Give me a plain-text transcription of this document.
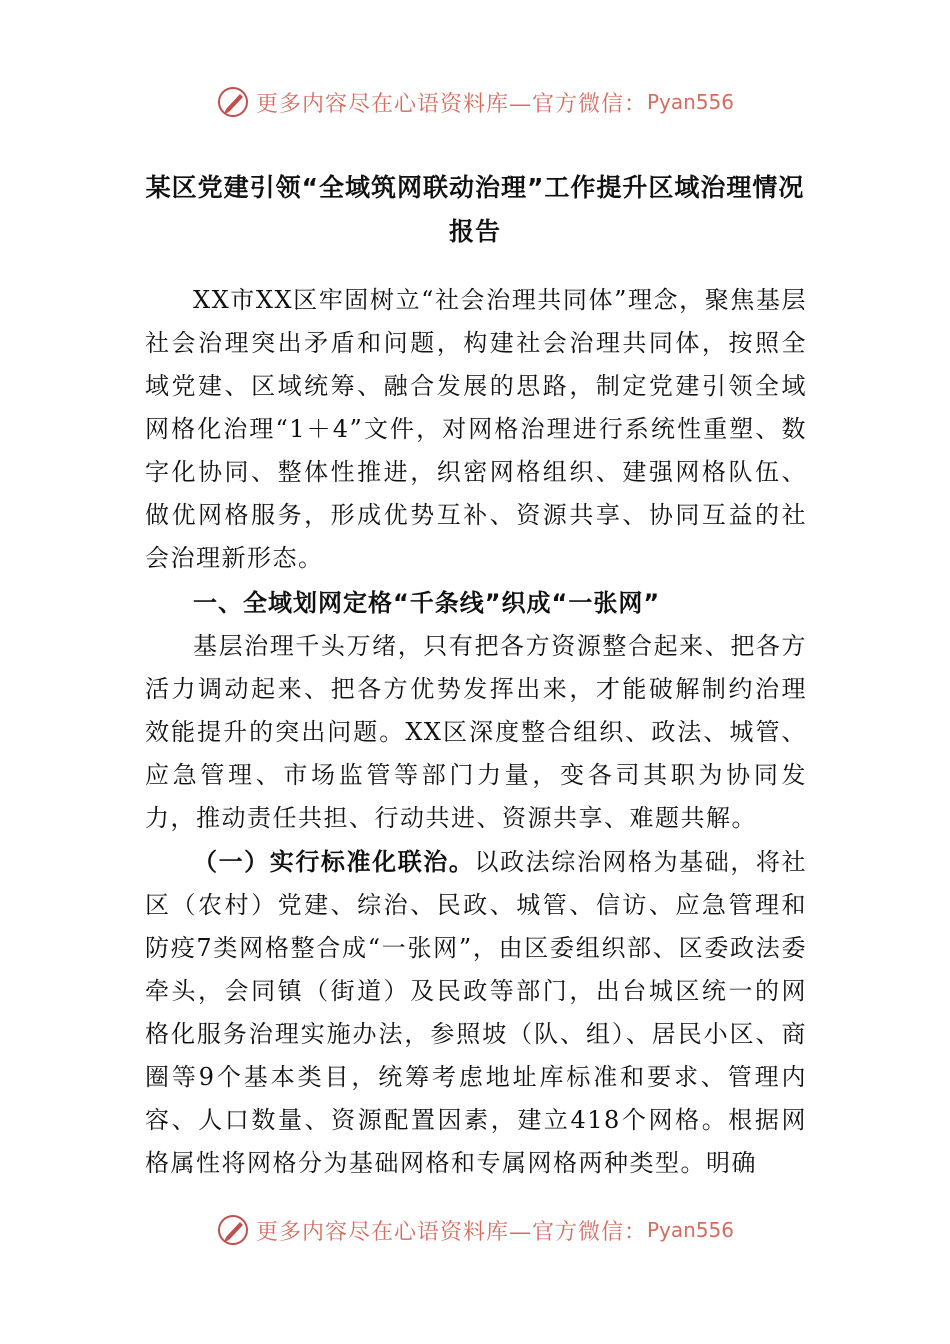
更多内容尽在心语资料库—官方微信： Pyan556
某区党建引领“全域筑网联动治理”工作提升区域治理情况报告

XX市XX区牢固树立“社会治理共同体”理念，聚焦基层社会治理突出矛盾和问题，构建社会治理共同体，按照全域党建、区域统筹、融合发展的思路，制定党建引领全域网格化治理“1＋4”文件，对网格治理进行系统性重塑、数字化协同、整体性推进，织密网格组织、建强网格队伍、做优网格服务，形成优势互补、资源共享、协同互益的社会治理新形态。

一、全域划网定格“千条线”织成“一张网”

基层治理千头万绪，只有把各方资源整合起来、把各方活力调动起来、把各方优势发挥出来，才能破解制约治理效能提升的突出问题。XX区深度整合组织、政法、城管、应急管理、市场监管等部门力量，变各司其职为协同发力，推动责任共担、行动共进、资源共享、难题共解。

（一）实行标准化联治。以政法综治网格为基础，将社区（农村）党建、综治、民政、城管、信访、应急管理和防疫7类网格整合成“一张网”，由区委组织部、区委政法委牵头，会同镇（街道）及民政等部门，出台城区统一的网格化服务治理实施办法，参照坡（队、组）、居民小区、商圈等9个基本类目，统筹考虑地址库标准和要求、管理内容、人口数量、资源配置因素，建立418个网格。根据网格属性将网格分为基础网格和专属网格两种类型。明确

更多内容尽在心语资料库—官方微信： Pyan556
